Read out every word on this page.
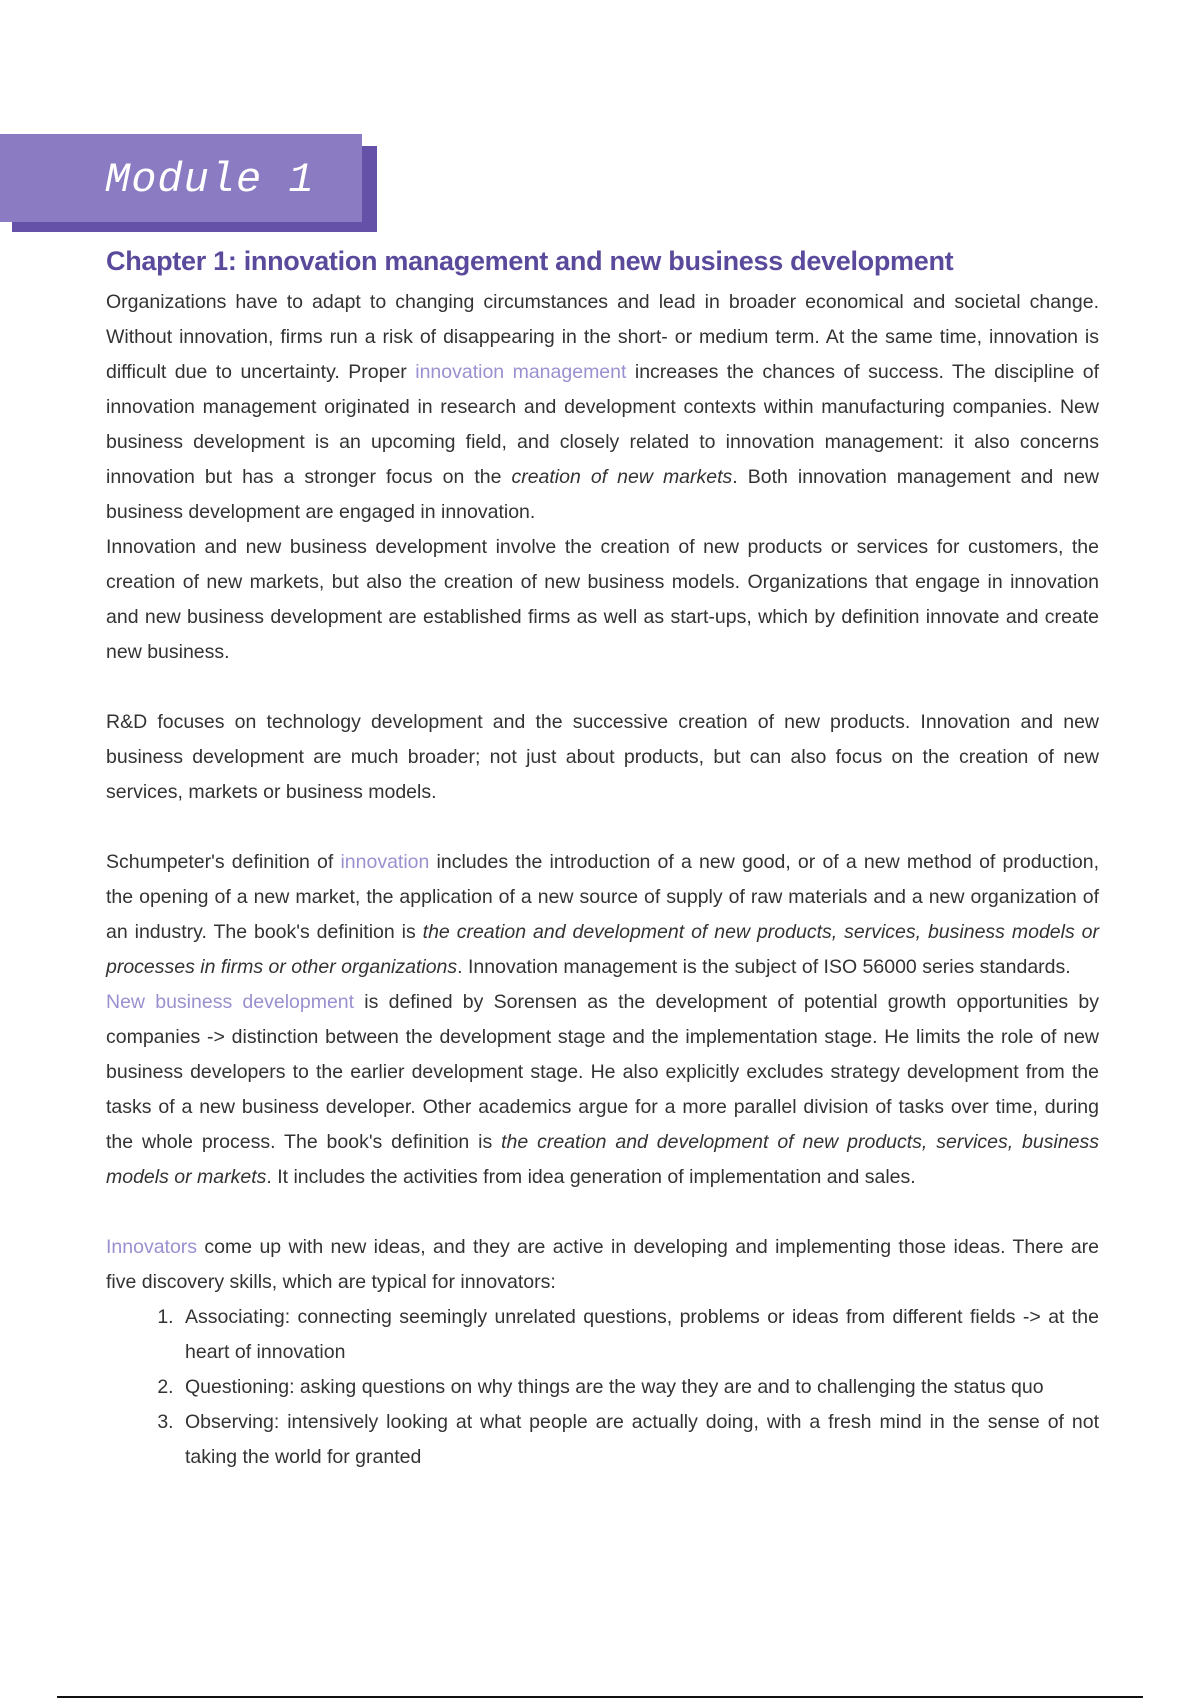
Module 1
Chapter 1: innovation management and new business development

Organizations have to adapt to changing circumstances and lead in broader economical and societal change. Without innovation, firms run a risk of disappearing in the short- or medium term. At the same time, innovation is difficult due to uncertainty. Proper innovation management increases the chances of success. The discipline of innovation management originated in research and development contexts within manufacturing companies. New business development is an upcoming field, and closely related to innovation management: it also concerns innovation but has a stronger focus on the creation of new markets. Both innovation management and new business development are engaged in innovation.

Innovation and new business development involve the creation of new products or services for customers, the creation of new markets, but also the creation of new business models. Organizations that engage in innovation and new business development are established firms as well as start-ups, which by definition innovate and create new business.

R&D focuses on technology development and the successive creation of new products. Innovation and new business development are much broader; not just about products, but can also focus on the creation of new services, markets or business models.

Schumpeter's definition of innovation includes the introduction of a new good, or of a new method of production, the opening of a new market, the application of a new source of supply of raw materials and a new organization of an industry. The book's definition is the creation and development of new products, services, business models or processes in firms or other organizations. Innovation management is the subject of ISO 56000 series standards.

New business development is defined by Sorensen as the development of potential growth opportunities by companies -> distinction between the development stage and the implementation stage. He limits the role of new business developers to the earlier development stage. He also explicitly excludes strategy development from the tasks of a new business developer. Other academics argue for a more parallel division of tasks over time, during the whole process. The book's definition is the creation and development of new products, services, business models or markets. It includes the activities from idea generation of implementation and sales.

Innovators come up with new ideas, and they are active in developing and implementing those ideas. There are five discovery skills, which are typical for innovators:

1. Associating: connecting seemingly unrelated questions, problems or ideas from different fields -> at the heart of innovation
2. Questioning: asking questions on why things are the way they are and to challenging the status quo
3. Observing: intensively looking at what people are actually doing, with a fresh mind in the sense of not taking the world for granted
